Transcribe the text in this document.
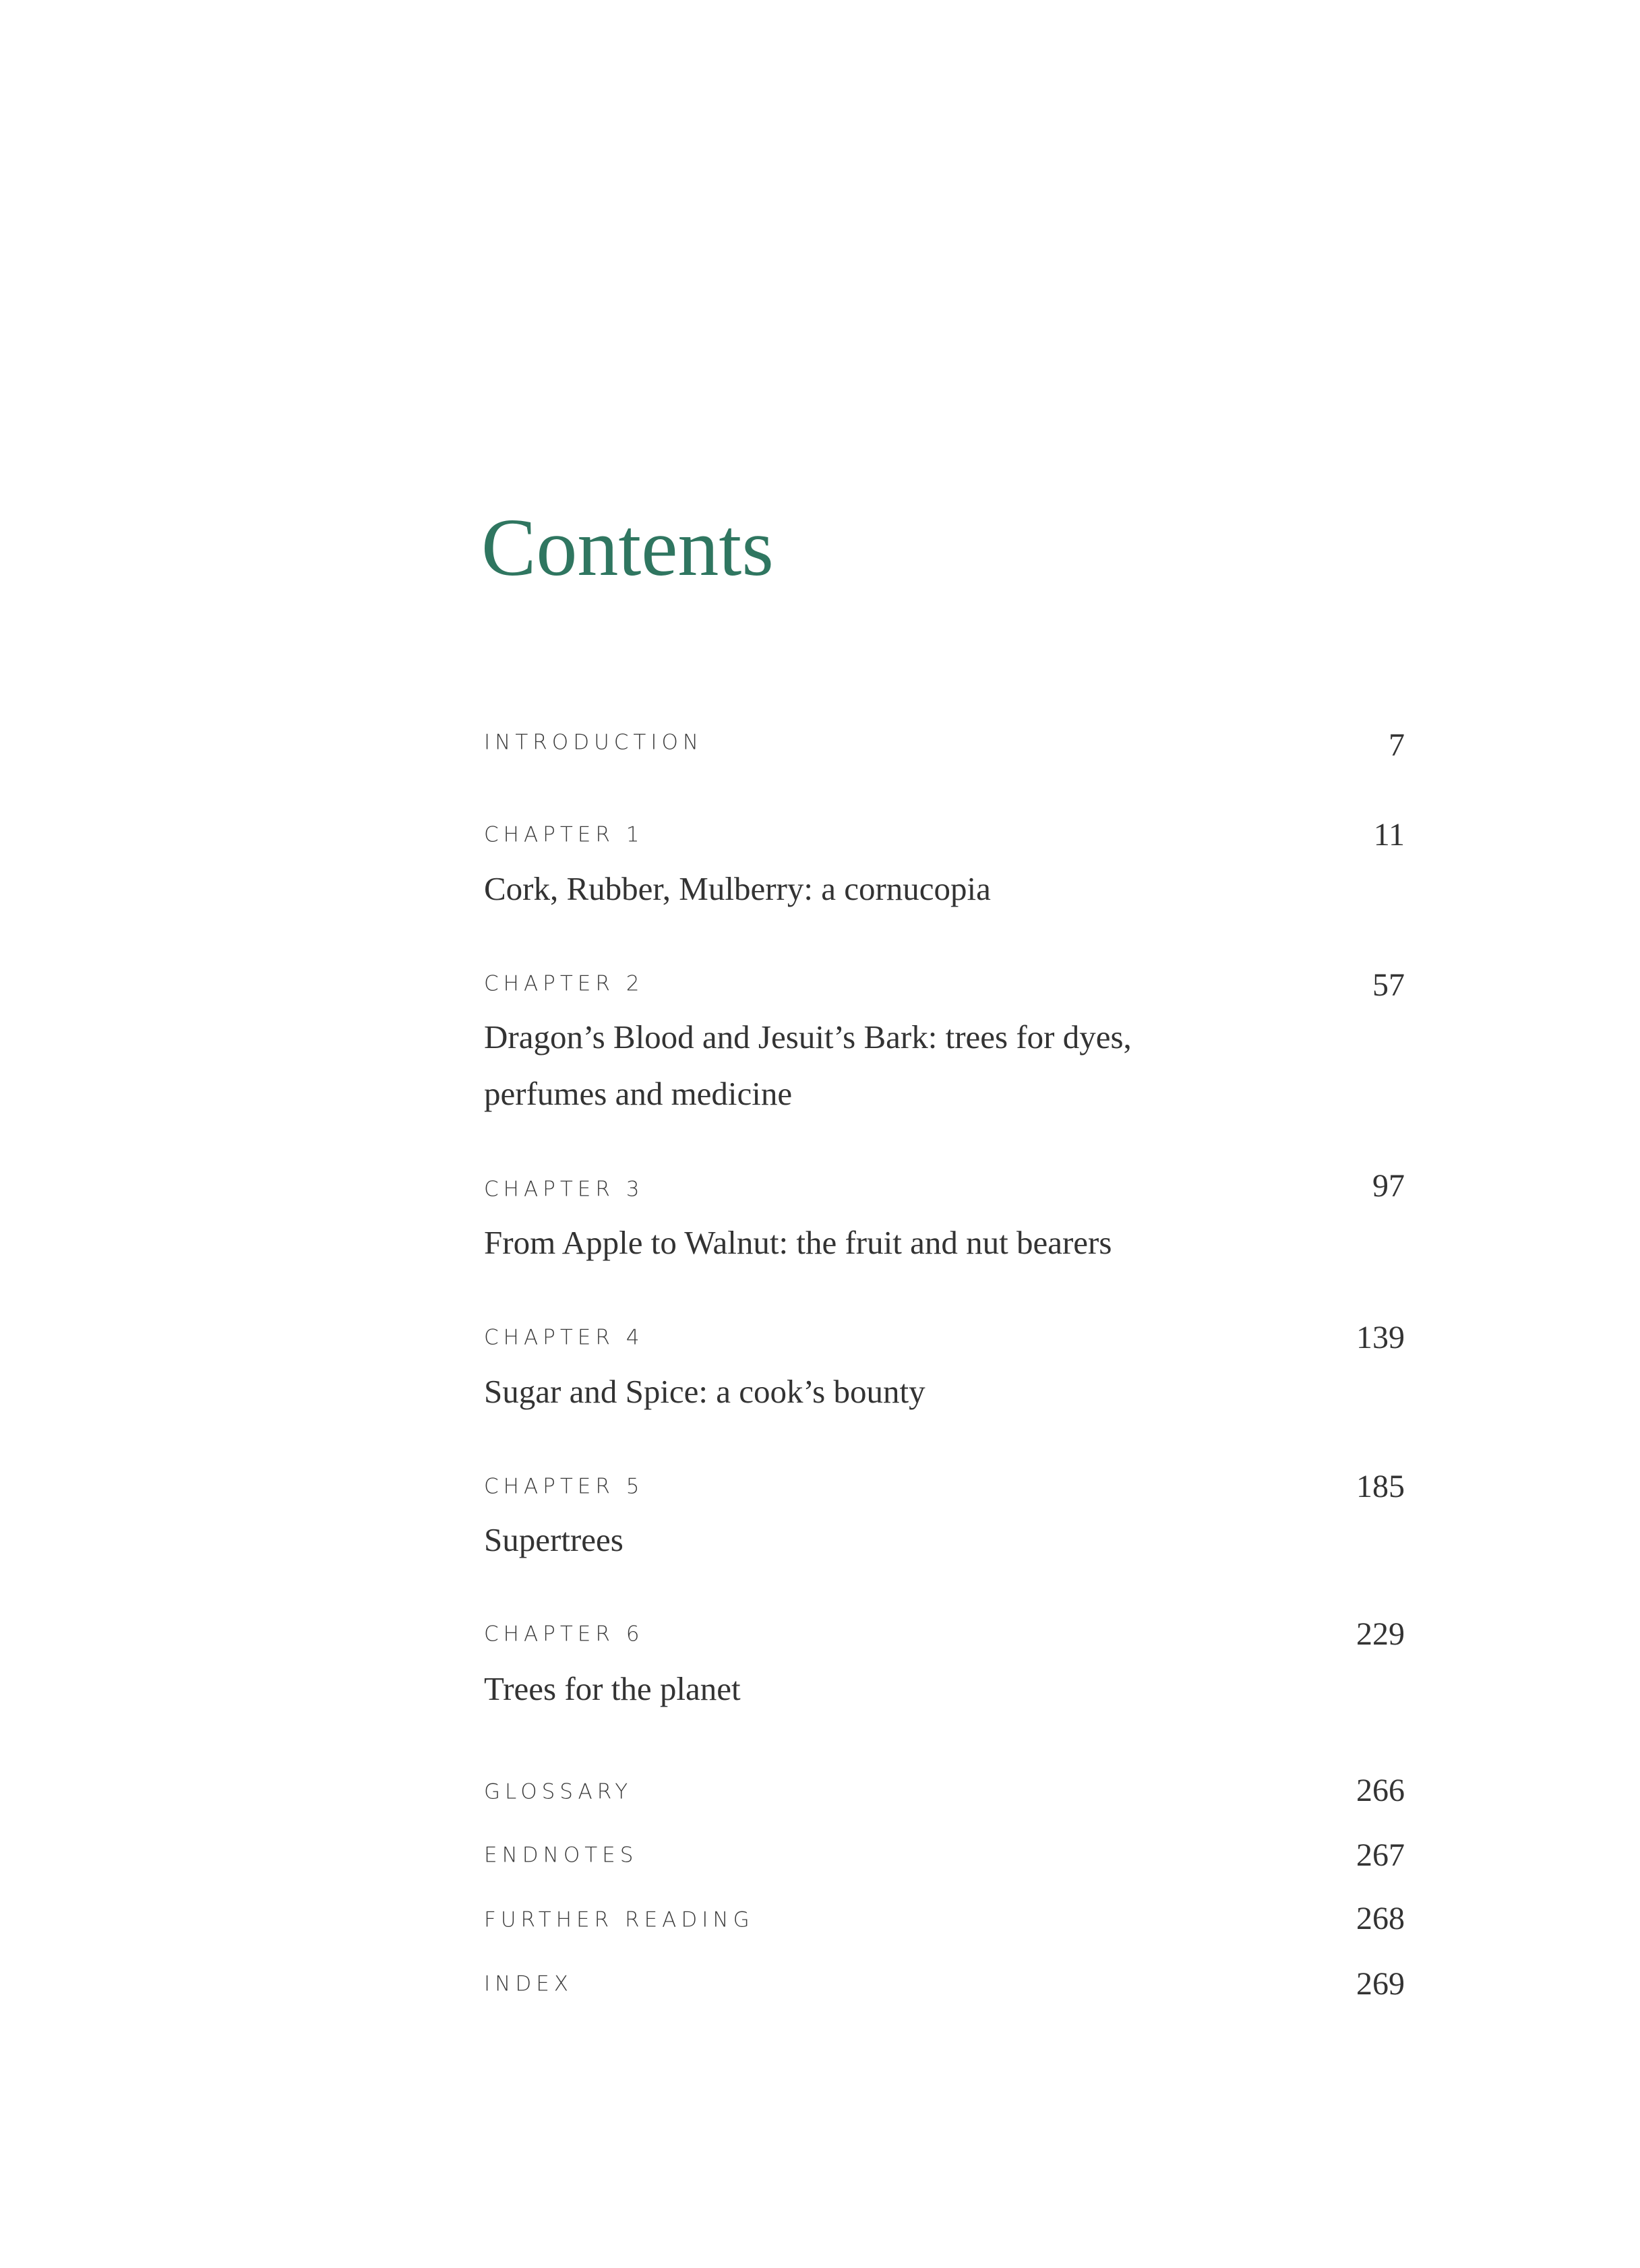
Contents
INTRODUCTION	7
CHAPTER 1	11
Cork, Rubber, Mulberry: a cornucopia
CHAPTER 2	57
Dragon’s Blood and Jesuit’s Bark: trees for dyes,
perfumes and medicine
CHAPTER 3	97
From Apple to Walnut: the fruit and nut bearers
CHAPTER 4	139
Sugar and Spice: a cook’s bounty
CHAPTER 5	185
Supertrees
CHAPTER 6	229
Trees for the planet
GLOSSARY	266
ENDNOTES	267
FURTHER READING	268
INDEX	269
